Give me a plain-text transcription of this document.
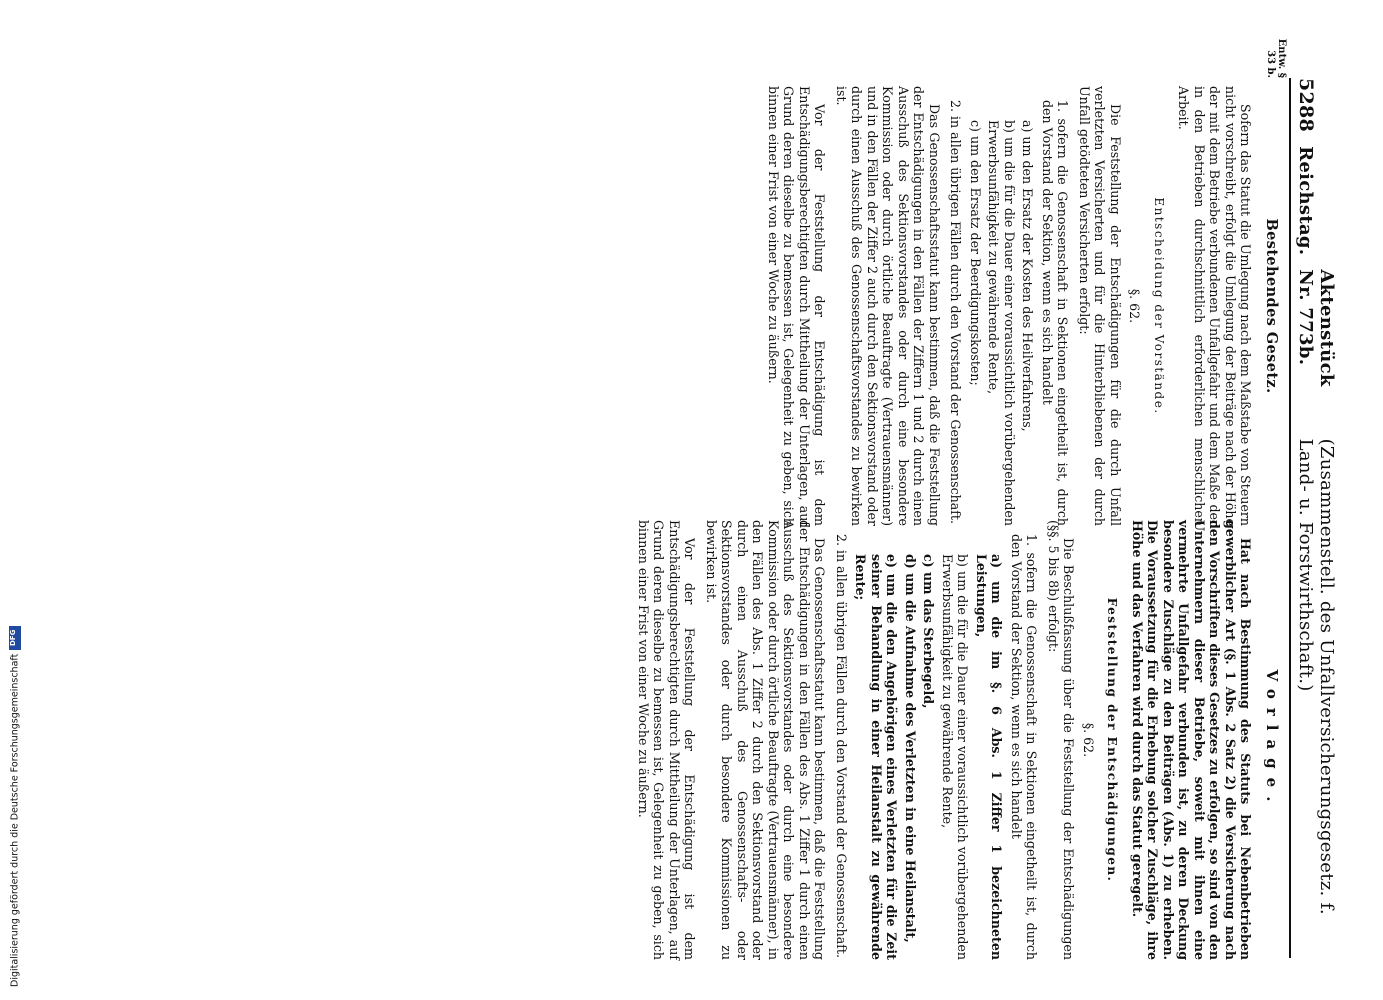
5288
Reichstag.
Aktenstück Nr. 773b.
(Zusammenstell. des Unfallversicherungsgesetz. f. Land- u. Forstwirthschaft.)
Entw. § 33 b.
Bestehendes Gesetz.

Sofern das Statut die Umlegung nach dem Maßstabe von Steuern nicht vorschreibt, erfolgt die Umlegung der Beiträge nach der Höhe der mit dem Betriebe verbundenen Unfallgefahr und dem Maße der in den Betrieben durchschnittlich erforderlichen menschlichen Arbeit.

Entscheidung der Vorstände.
§. 62.

Die Feststellung der Entschädigungen für die durch Unfall verletzten Versicherten und für die Hinterbliebenen der durch Unfall getödteten Versicherten erfolgt:

1. sofern die Genossenschaft in Sektionen eingetheilt ist, durch den Vorstand der Sektion, wenn es sich handelt
a) um den Ersatz der Kosten des Heilverfahrens,
b) um die für die Dauer einer voraussichtlich vorübergehenden Erwerbsunfähigkeit zu gewährende Rente,
c) um den Ersatz der Beerdigungskosten;
2. in allen übrigen Fällen durch den Vorstand der Genossenschaft.

Das Genossenschaftsstatut kann bestimmen, daß die Feststellung der Entschädigungen in den Fällen der Ziffern 1 und 2 durch einen Ausschuß des Sektionsvorstandes oder durch eine besondere Kommission oder durch örtliche Beauftragte (Vertrauensmänner) und in den Fällen der Ziffer 2 auch durch den Sektionsvorstand oder durch einen Ausschuß des Genossenschaftsvorstandes zu bewirken ist.

Vor der Feststellung der Entschädigung ist dem Entschädigungsberechtigten durch Mittheilung der Unterlagen, auf Grund deren dieselbe zu bemessen ist, Gelegenheit zu geben, sich binnen einer Frist von einer Woche zu äußern.

Vorlage.

Hat nach Bestimmung des Statuts bei Nebenbetrieben gewerblicher Art (§. 1 Abs. 2 Satz 2) die Versicherung nach den Vorschriften dieses Gesetzes zu erfolgen, so sind von den Unternehmern dieser Betriebe, soweit mit ihnen eine vermehrte Unfallgefahr verbunden ist, zu deren Deckung besondere Zuschläge zu den Beiträgen (Abs. 1) zu erheben. Die Voraussetzung für die Erhebung solcher Zuschläge, ihre Höhe und das Verfahren wird durch das Statut geregelt.

Feststellung der Entschädigungen.
§. 62.

Die Beschlußfassung über die Feststellung der Entschädigungen (§§. 5 bis 8b) erfolgt:

1. sofern die Genossenschaft in Sektionen eingetheilt ist, durch den Vorstand der Sektion, wenn es sich handelt
a) um die im §. 6 Abs. 1 Ziffer 1 bezeichneten Leistungen,
b) um die für die Dauer einer voraussichtlich vorübergehenden Erwerbsunfähigkeit zu gewährende Rente,
c) um das Sterbegeld,
d) um die Aufnahme des Verletzten in eine Heilanstalt,
e) um die den Angehörigen eines Verletzten für die Zeit seiner Behandlung in einer Heilanstalt zu gewährende Rente;
2. in allen übrigen Fällen durch den Vorstand der Genossenschaft.

Das Genossenschaftsstatut kann bestimmen, daß die Feststellung der Entschädigungen in den Fällen des Abs. 1 Ziffer 1 durch einen Ausschuß des Sektionsvorstandes oder durch eine besondere Kommission oder durch örtliche Beauftragte (Vertrauensmänner), in den Fällen des Abs. 1 Ziffer 2 durch den Sektionsvorstand oder durch einen Ausschuß des Genossenschafts- oder Sektionsvorstandes oder durch besondere Kommissionen zu bewirken ist.

Vor der Feststellung der Entschädigung ist dem Entschädigungsberechtigten durch Mittheilung der Unterlagen, auf Grund deren dieselbe zu bemessen ist, Gelegenheit zu geben, sich binnen einer Frist von einer Woche zu äußern.

Digitalisierung gefördert durch die Deutsche Forschungsgemeinschaft
DFG
